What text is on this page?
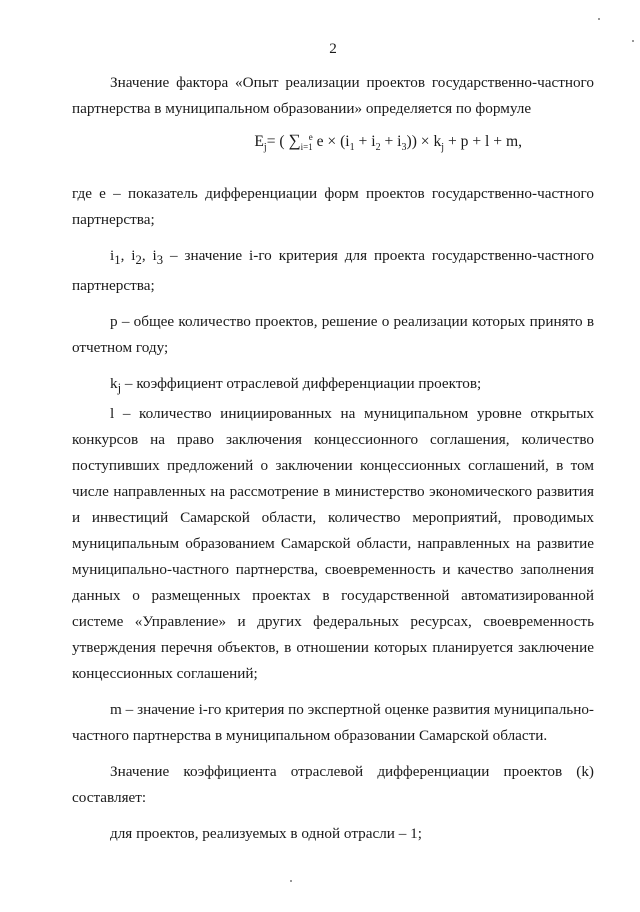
2

Значение фактора «Опыт реализации проектов государственно-частного партнерства в муниципальном образовании» определяется по формуле

$E_j=$ ( ∑ e
i=1 $e \times (i_1 + i_2 + i_3)) \times k_j + p + l + m$,

где е – показатель дифференциации форм проектов государственно-частного партнерства;

$i_1$, $i_2$, $i_3$ – значение i-го критерия для проекта государственно-частного партнерства;

р – общее количество проектов, решение о реализации которых принято в отчетном году;

$k_j$ – коэффициент отраслевой дифференциации проектов;

l – количество инициированных на муниципальном уровне открытых конкурсов на право заключения концессионного соглашения, количество поступивших предложений о заключении концессионных соглашений, в том числе направленных на рассмотрение в министерство экономического развития и инвестиций Самарской области, количество мероприятий, проводимых муниципальным образованием Самарской области, направленных на развитие муниципально-частного партнерства, своевременность и качество заполнения данных о размещенных проектах в государственной автоматизированной системе «Управление» и других федеральных ресурсах, своевременность утверждения перечня объектов, в отношении которых планируется заключение концессионных соглашений;

m – значение i-го критерия по экспертной оценке развития муниципально-частного партнерства в муниципальном образовании Самарской области.

Значение коэффициента отраслевой дифференциации проектов (k) составляет:

для проектов, реализуемых в одной отрасли – 1;
